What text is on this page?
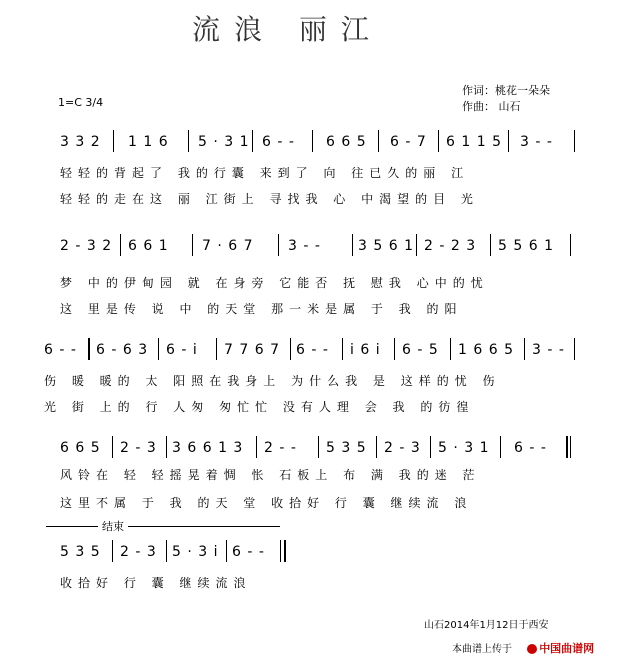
流浪 丽江
作词：桃花一朵朵
作曲： 山石
1=C 3/4
3 3 2 1 1 6 5 · 3 1 6 - - 6 6 5 6 - 7 6 1 1 5 3 - -
轻轻的背起了 我的行囊 来到了 向 往已久的丽 江
轻轻的走在这 丽 江街上 寻找我 心 中渴望的目 光
2 - 3 2 6 6 1 7 · 6 7 3 - -	3 5 6 1 2 - 2 3 5 5 6 1
梦 中的伊甸园 就 在身旁 它能否 抚 慰我 心中的忧
这 里是传 说 中 的天堂 那一米是属 于 我 的阳
6 - - 6 - 6 3 6 - i 7 7 6 7 6 - - i 6 i 6 - 5 1 6 6 5 3 - -
伤 暖 暖的 太 阳照在我身上 为什么我 是 这样的忧 伤
光 街 上的 行 人匆 匆忙忙 没有人理 会 我 的彷徨
6 6 5 2 - 3 3 6 6 1 3 2 - - 5 3 5 2 - 3 5 · 3 1 6 - -
风铃在 轻 轻摇晃着惆 怅 石板上 布 满 我的迷 茫
这里不属 于 我 的天 堂 收拾好 行 囊 继续流 浪
结束
5 3 5 2 - 3 5 · 3 i 6 - -
收拾好 行 囊 继续流浪
山石2014年1月12日于西安
本曲谱上传于 中国曲谱网
